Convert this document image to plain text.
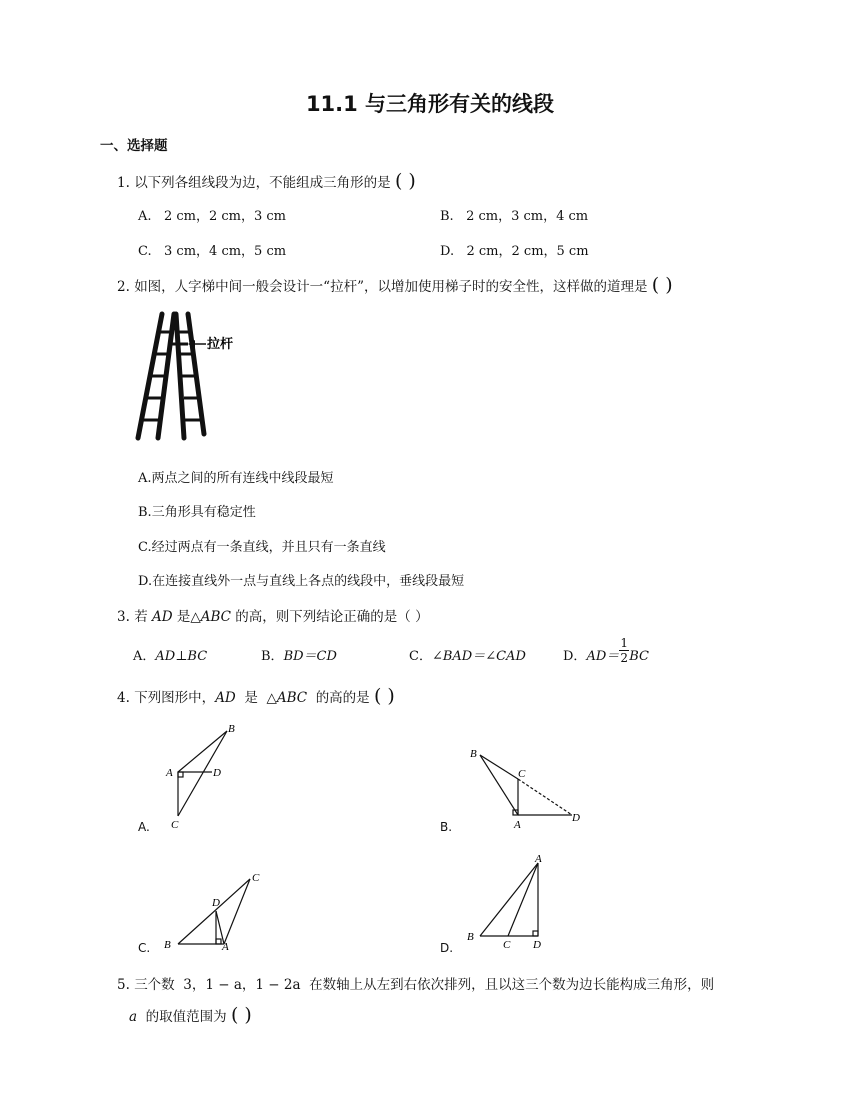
11.1 与三角形有关的线段
一、选择题
1. 以下列各组线段为边，不能组成三角形的是 ( )
A. 2 cm，2 cm，3 cm	B. 2 cm，3 cm，4 cm
C. 3 cm，4 cm，5 cm	D. 2 cm，2 cm，5 cm
2. 如图，人字梯中间一般会设计一“拉杆”，以增加使用梯子时的安全性，这样做的道理是 ( )
拉杆
A.两点之间的所有连线中线段最短
B.三角形具有稳定性
C.经过两点有一条直线，并且只有一条直线
D.在连接直线外一点与直线上各点的线段中，垂线段最短
3. 若 AD 是△ABC 的高，则下列结论正确的是（ ）
A．AD⊥BC	B．BD＝CD	C．∠BAD＝∠CAD	D．$AD= \frac{1}{2}$ BC
4. 下列图形中，AD 是 △ABC 的高的是 ( )
A.
B
A	D
C	B.
B
C
A
D
C. B
C
D
A	D.
A
B
C D
5. 三个数 3，1 − a，1 − 2a 在数轴上从左到右依次排列，且以这三个数为边长能构成三角形，则
a 的取值范围为 ( )
